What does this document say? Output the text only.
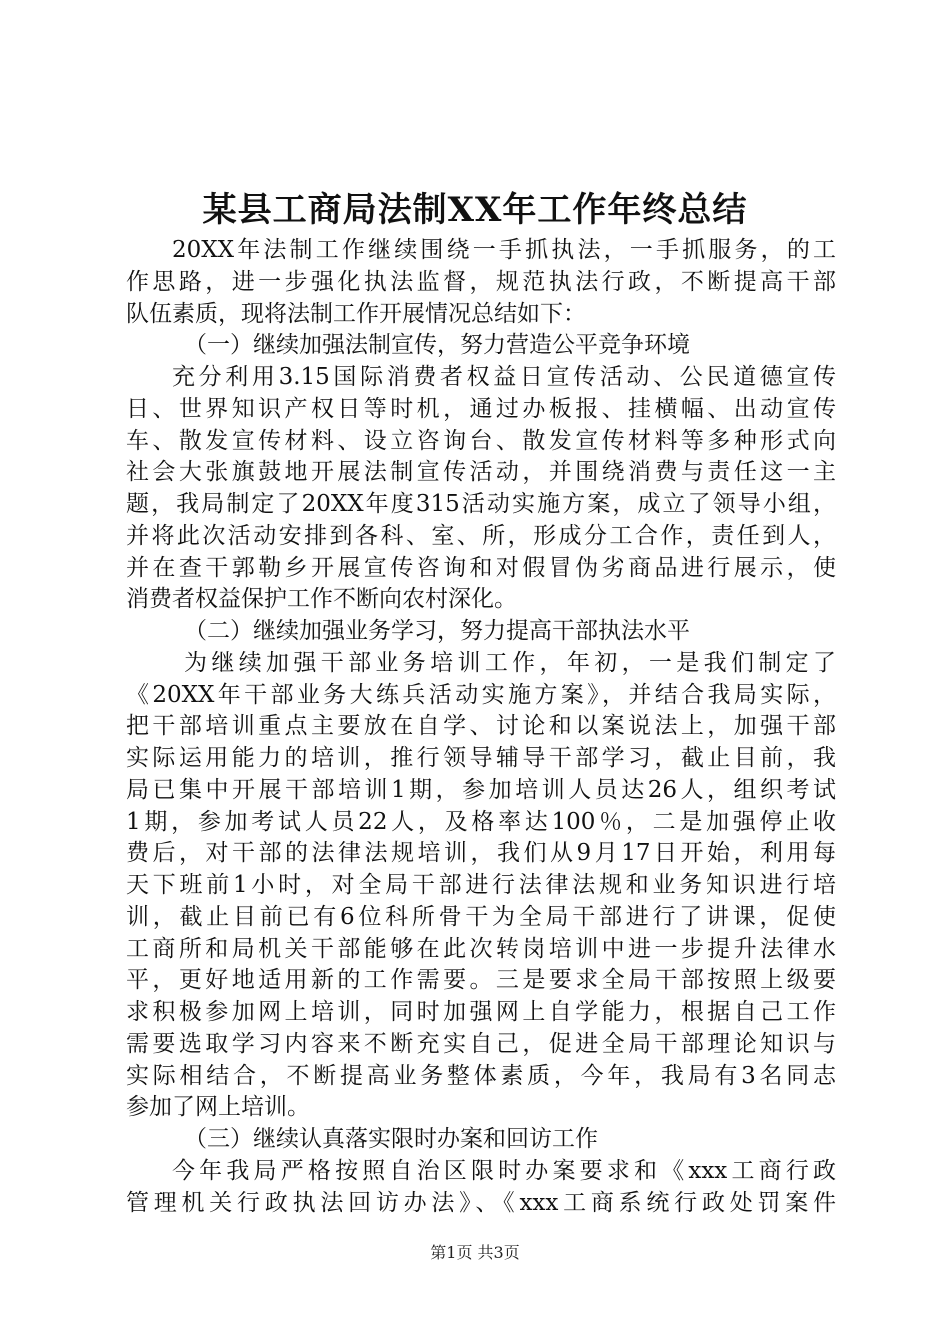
某县工商局法制XX年工作年终总结
20XX年法制工作继续围绕一手抓执法，一手抓服务，的工
作思路，进一步强化执法监督，规范执法行政，不断提高干部
队伍素质，现将法制工作开展情况总结如下：
（一）继续加强法制宣传，努力营造公平竞争环境
充分利用3.15国际消费者权益日宣传活动、公民道德宣传
日、世界知识产权日等时机，通过办板报、挂横幅、出动宣传
车、散发宣传材料、设立咨询台、散发宣传材料等多种形式向
社会大张旗鼓地开展法制宣传活动，并围绕消费与责任这一主
题，我局制定了20XX年度315活动实施方案，成立了领导小组，
并将此次活动安排到各科、室、所，形成分工合作，责任到人，
并在查干郭勒乡开展宣传咨询和对假冒伪劣商品进行展示，使
消费者权益保护工作不断向农村深化。
（二）继续加强业务学习，努力提高干部执法水平
为继续加强干部业务培训工作，年初，一是我们制定了
《20XX年干部业务大练兵活动实施方案》，并结合我局实际，
把干部培训重点主要放在自学、讨论和以案说法上，加强干部
实际运用能力的培训，推行领导辅导干部学习，截止目前，我
局已集中开展干部培训1期，参加培训人员达26人，组织考试
1期，参加考试人员22人，及格率达100％，二是加强停止收
费后，对干部的法律法规培训，我们从9月17日开始，利用每
天下班前1小时，对全局干部进行法律法规和业务知识进行培
训，截止目前已有6位科所骨干为全局干部进行了讲课，促使
工商所和局机关干部能够在此次转岗培训中进一步提升法律水
平，更好地适用新的工作需要。三是要求全局干部按照上级要
求积极参加网上培训，同时加强网上自学能力，根据自己工作
需要选取学习内容来不断充实自己，促进全局干部理论知识与
实际相结合，不断提高业务整体素质，今年，我局有3名同志
参加了网上培训。
（三）继续认真落实限时办案和回访工作
今年我局严格按照自治区限时办案要求和《xxx工商行政
管理机关行政执法回访办法》、《xxx工商系统行政处罚案件
第1页 共3页
